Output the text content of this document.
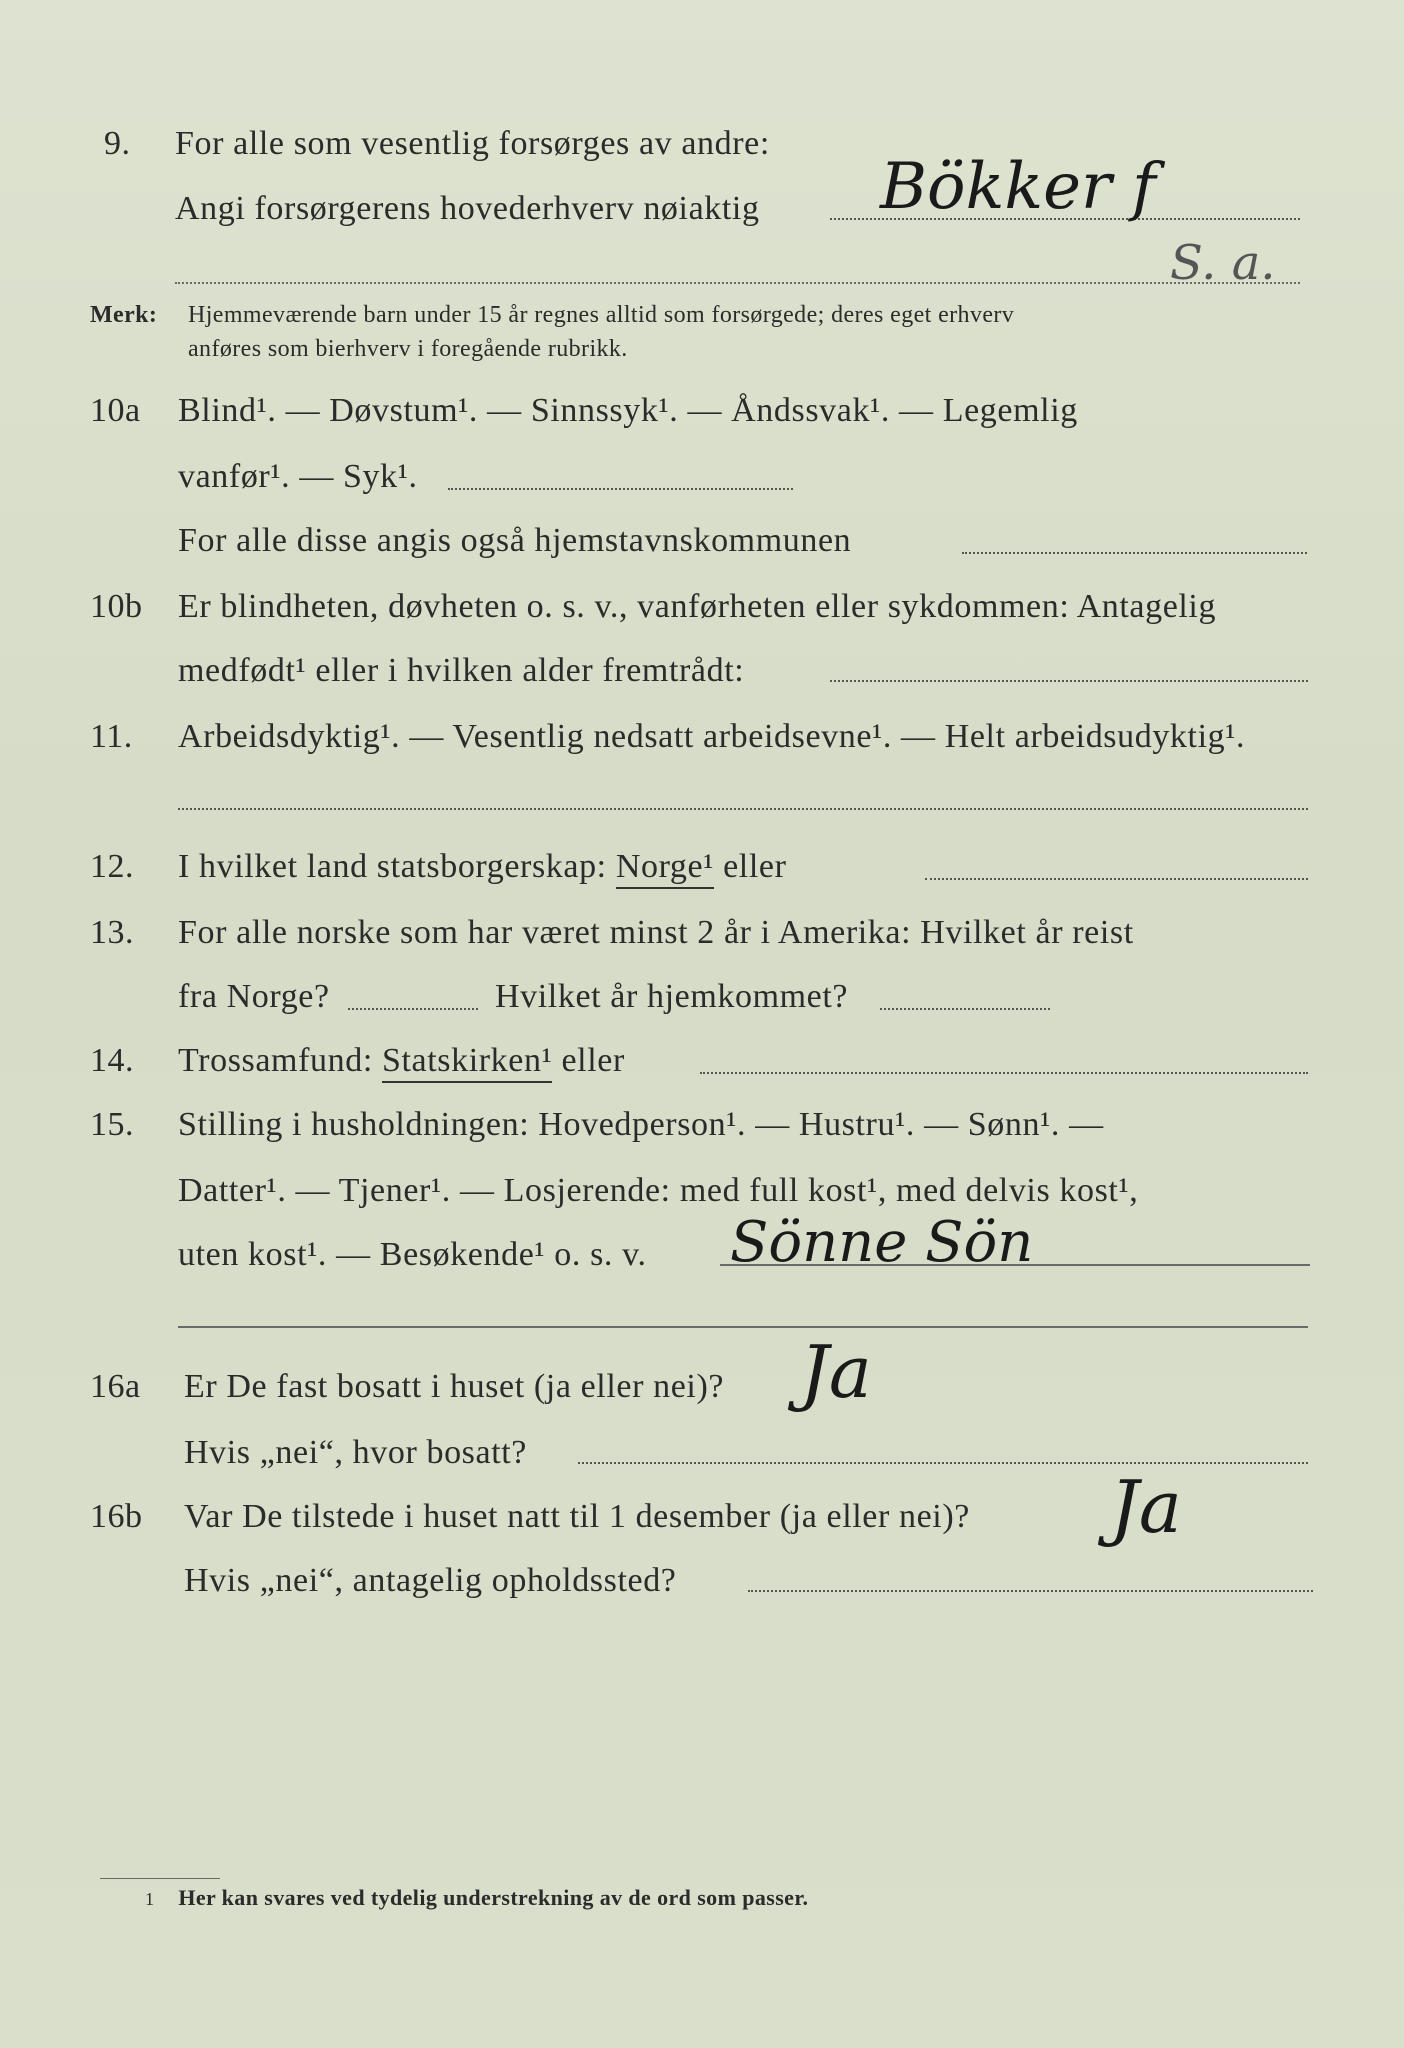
9. For alle som vesentlig forsørges av andre:
Angi forsørgerens hovederhverv nøiaktig Bökker f
S. a.
Merk: Hjemmeværende barn under 15 år regnes alltid som forsørgede; deres eget erhverv
anføres som bierhverv i foregående rubrikk.
10a Blind¹. — Døvstum¹. — Sinnssyk¹. — Åndssvak¹. — Legemlig
vanfør¹. — Syk¹.
For alle disse angis også hjemstavnskommunen
10b Er blindheten, døvheten o. s. v., vanførheten eller sykdommen: Antagelig
medfødt¹ eller i hvilken alder fremtrådt:
11. Arbeidsdyktig¹. — Vesentlig nedsatt arbeidsevne¹. — Helt arbeidsudyktig¹.
12. I hvilket land statsborgerskap: Norge¹ eller
13. For alle norske som har været minst 2 år i Amerika: Hvilket år reist
fra Norge?	Hvilket år hjemkommet?
14. Trossamfund: Statskirken¹ eller
15. Stilling i husholdningen: Hovedperson¹. — Hustru¹. — Sønn¹. —
Datter¹. — Tjener¹. — Losjerende: med full kost¹, med delvis kost¹,
uten kost¹. — Besøkende¹ o. s. v. Sönne Sön
16a Er De fast bosatt i huset (ja eller nei)? Ja
Hvis „nei“, hvor bosatt?
16b Var De tilstede i huset natt til 1 desember (ja eller nei)? Ja
Hvis „nei“, antagelig opholdssted?
1 Her kan svares ved tydelig understrekning av de ord som passer.
